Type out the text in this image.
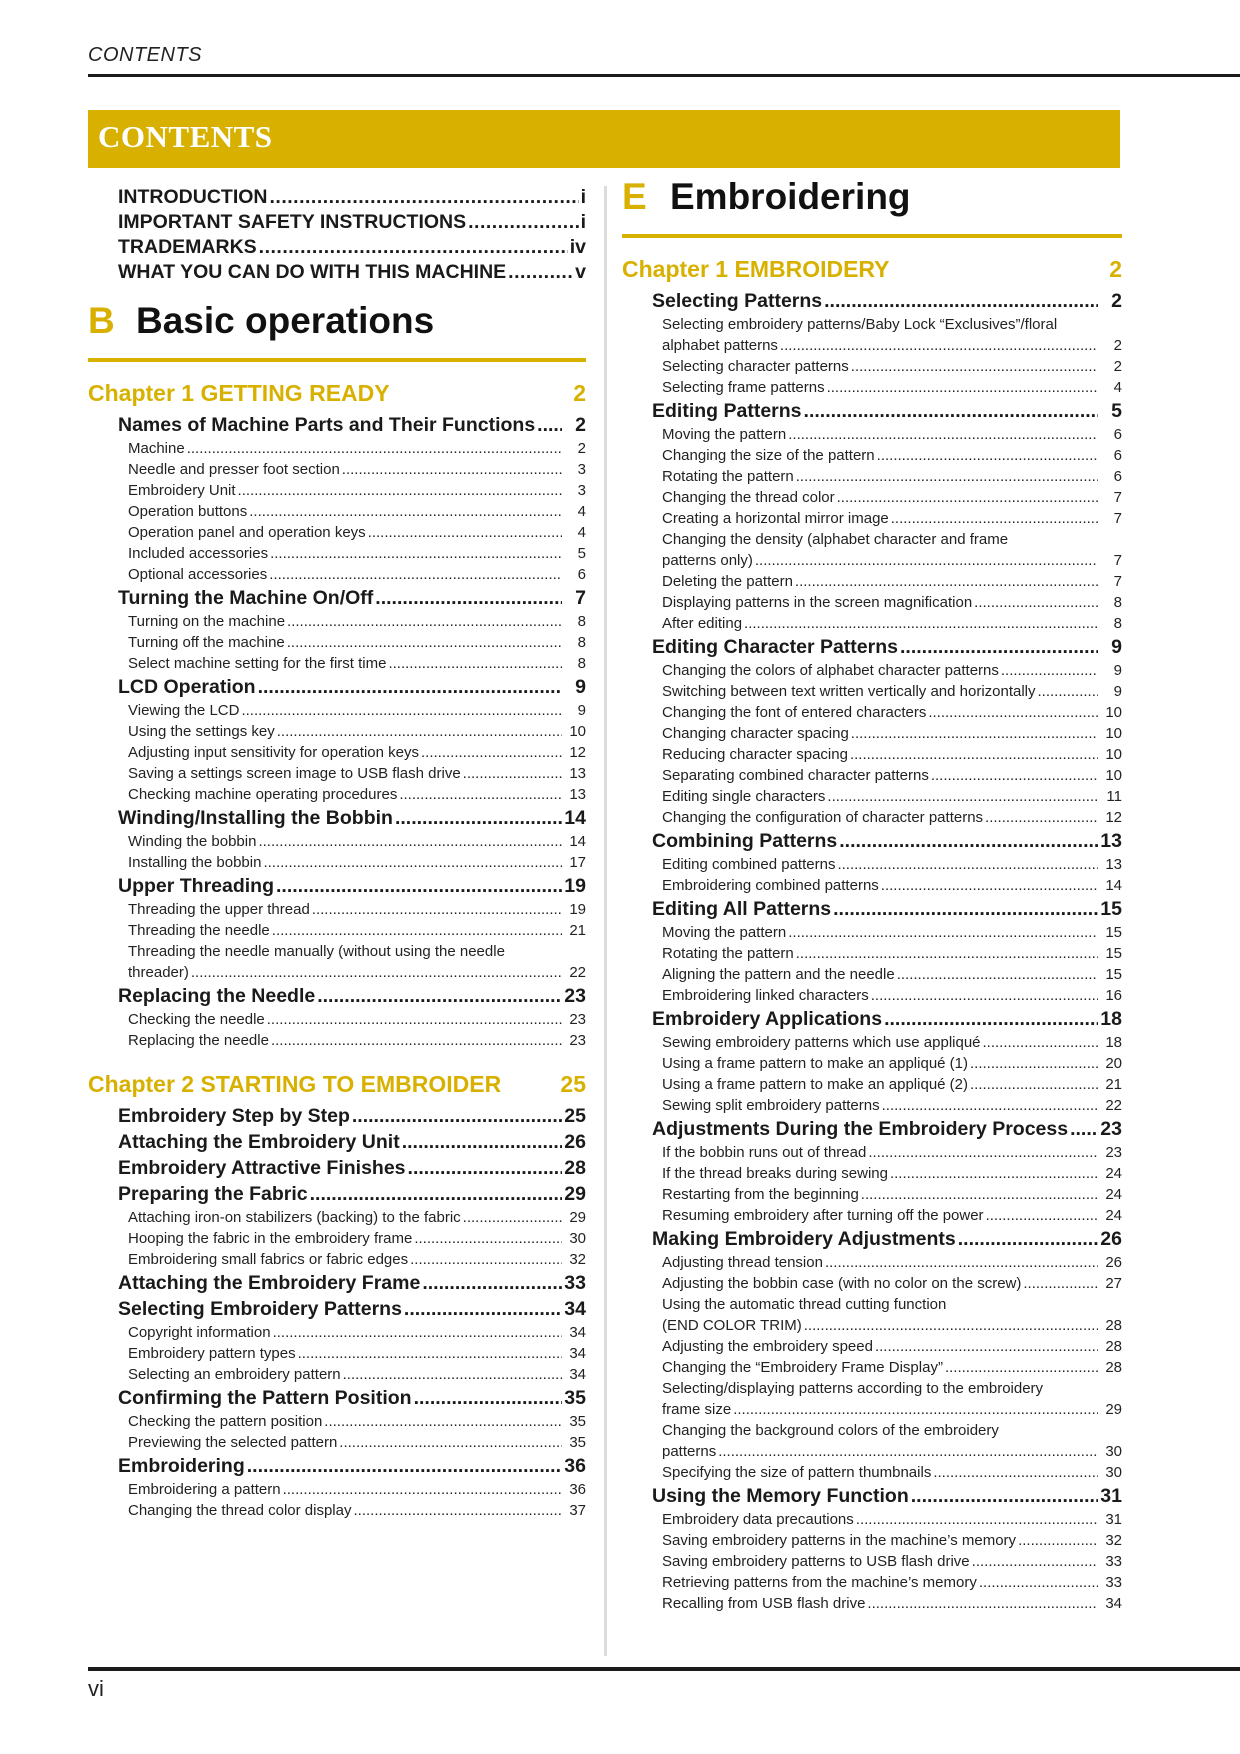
CONTENTS
CONTENTS
INTRODUCTION .....	i
IMPORTANT SAFETY INSTRUCTIONS .....	i
TRADEMARKS .....	iv
WHAT YOU CAN DO WITH THIS MACHINE .....	v
B Basic operations
Chapter 1 GETTING READY	2
Names of Machine Parts and Their Functions .....	2
Machine .....	2
Needle and presser foot section .....	3
Embroidery Unit .....	3
Operation buttons .....	4
Operation panel and operation keys .....	4
Included accessories .....	5
Optional accessories .....	6
Turning the Machine On/Off .....	7
Turning on the machine .....	8
Turning off the machine .....	8
Select machine setting for the first time .....	8
LCD Operation .....	9
Viewing the LCD .....	9
Using the settings key .....	10
Adjusting input sensitivity for operation keys .....	12
Saving a settings screen image to USB flash drive .....	13
Checking machine operating procedures .....	13
Winding/Installing the Bobbin .....	14
Winding the bobbin .....	14
Installing the bobbin .....	17
Upper Threading .....	19
Threading the upper thread .....	19
Threading the needle .....	21
Threading the needle manually (without using the needle
threader) .....	22
Replacing the Needle .....	23
Checking the needle .....	23
Replacing the needle .....	23
Chapter 2 STARTING TO EMBROIDER	25
Embroidery Step by Step .....	25
Attaching the Embroidery Unit .....	26
Embroidery Attractive Finishes .....	28
Preparing the Fabric .....	29
Attaching iron-on stabilizers (backing) to the fabric .....	29
Hooping the fabric in the embroidery frame .....	30
Embroidering small fabrics or fabric edges .....	32
Attaching the Embroidery Frame .....	33
Selecting Embroidery Patterns .....	34
Copyright information .....	34
Embroidery pattern types .....	34
Selecting an embroidery pattern .....	34
Confirming the Pattern Position .....	35
Checking the pattern position .....	35
Previewing the selected pattern .....	35
Embroidering .....	36
Embroidering a pattern .....	36
Changing the thread color display .....	37
E Embroidering
Chapter 1 EMBROIDERY	2
Selecting Patterns .....	2
Selecting embroidery patterns/Baby Lock “Exclusives”/floral
alphabet patterns .....	2
Selecting character patterns .....	2
Selecting frame patterns .....	4
Editing Patterns .....	5
Moving the pattern .....	6
Changing the size of the pattern .....	6
Rotating the pattern .....	6
Changing the thread color .....	7
Creating a horizontal mirror image .....	7
Changing the density (alphabet character and frame
patterns only) .....	7
Deleting the pattern .....	7
Displaying patterns in the screen magnification .....	8
After editing .....	8
Editing Character Patterns .....	9
Changing the colors of alphabet character patterns .....	9
Switching between text written vertically and horizontally .....	9
Changing the font of entered characters .....	10
Changing character spacing .....	10
Reducing character spacing .....	10
Separating combined character patterns .....	10
Editing single characters .....	11
Changing the configuration of character patterns .....	12
Combining Patterns .....	13
Editing combined patterns .....	13
Embroidering combined patterns .....	14
Editing All Patterns .....	15
Moving the pattern .....	15
Rotating the pattern .....	15
Aligning the pattern and the needle .....	15
Embroidering linked characters .....	16
Embroidery Applications .....	18
Sewing embroidery patterns which use appliqué .....	18
Using a frame pattern to make an appliqué (1) .....	20
Using a frame pattern to make an appliqué (2) .....	21
Sewing split embroidery patterns .....	22
Adjustments During the Embroidery Process ..... 23
If the bobbin runs out of thread .....	23
If the thread breaks during sewing .....	24
Restarting from the beginning .....	24
Resuming embroidery after turning off the power .....	24
Making Embroidery Adjustments .....	26
Adjusting thread tension .....	26
Adjusting the bobbin case (with no color on the screw) .....	27
Using the automatic thread cutting function
(END COLOR TRIM) .....	28
Adjusting the embroidery speed .....	28
Changing the “Embroidery Frame Display” .....	28
Selecting/displaying patterns according to the embroidery
frame size .....	29
Changing the background colors of the embroidery
patterns .....	30
Specifying the size of pattern thumbnails .....	30
Using the Memory Function .....	31
Embroidery data precautions .....	31
Saving embroidery patterns in the machine’s memory .....	32
Saving embroidery patterns to USB flash drive .....	33
Retrieving patterns from the machine’s memory .....	33
Recalling from USB flash drive .....	34
vi
